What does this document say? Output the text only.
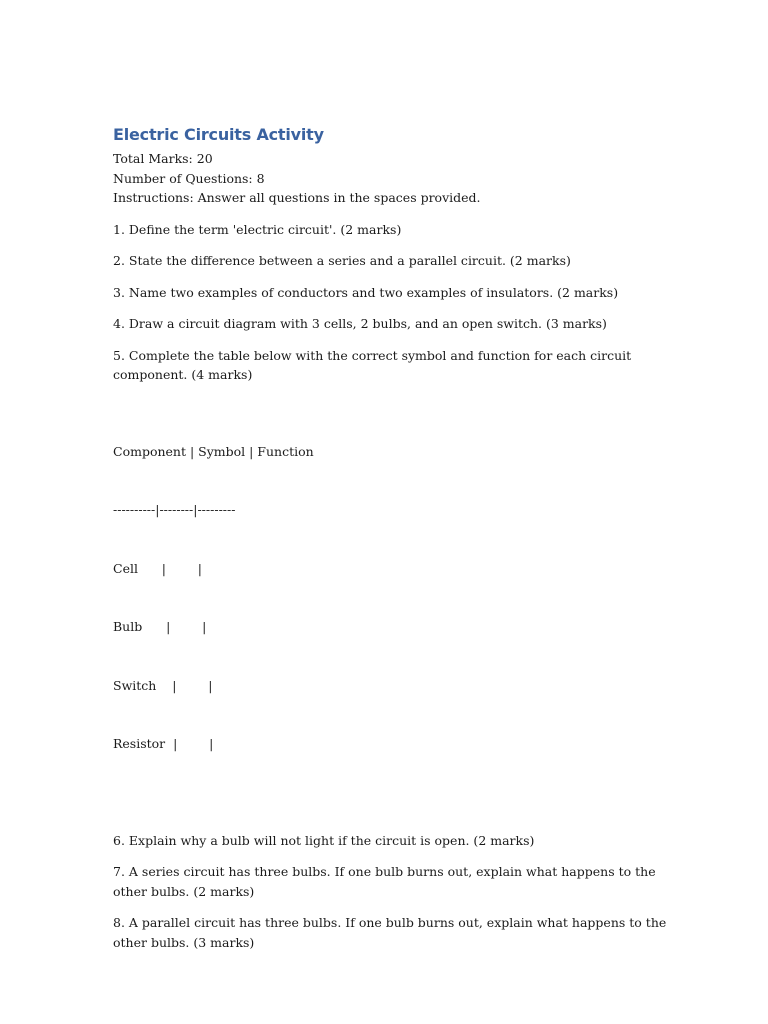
Electric Circuits Activity

Total Marks: 20

Number of Questions: 8

Instructions: Answer all questions in the spaces provided.

1. Define the term 'electric circuit'. (2 marks)

2. State the difference between a series and a parallel circuit. (2 marks)

3. Name two examples of conductors and two examples of insulators. (2 marks)

4. Draw a circuit diagram with 3 cells, 2 bulbs, and an open switch. (3 marks)

5. Complete the table below with the correct symbol and function for each circuit component. (4 marks)

Component | Symbol | Function

----------|--------|---------

Cell      |        |

Bulb      |        |

Switch    |        |

Resistor  |        |

6. Explain why a bulb will not light if the circuit is open. (2 marks)

7. A series circuit has three bulbs. If one bulb burns out, explain what happens to the other bulbs. (2 marks)

8. A parallel circuit has three bulbs. If one bulb burns out, explain what happens to the other bulbs. (3 marks)
